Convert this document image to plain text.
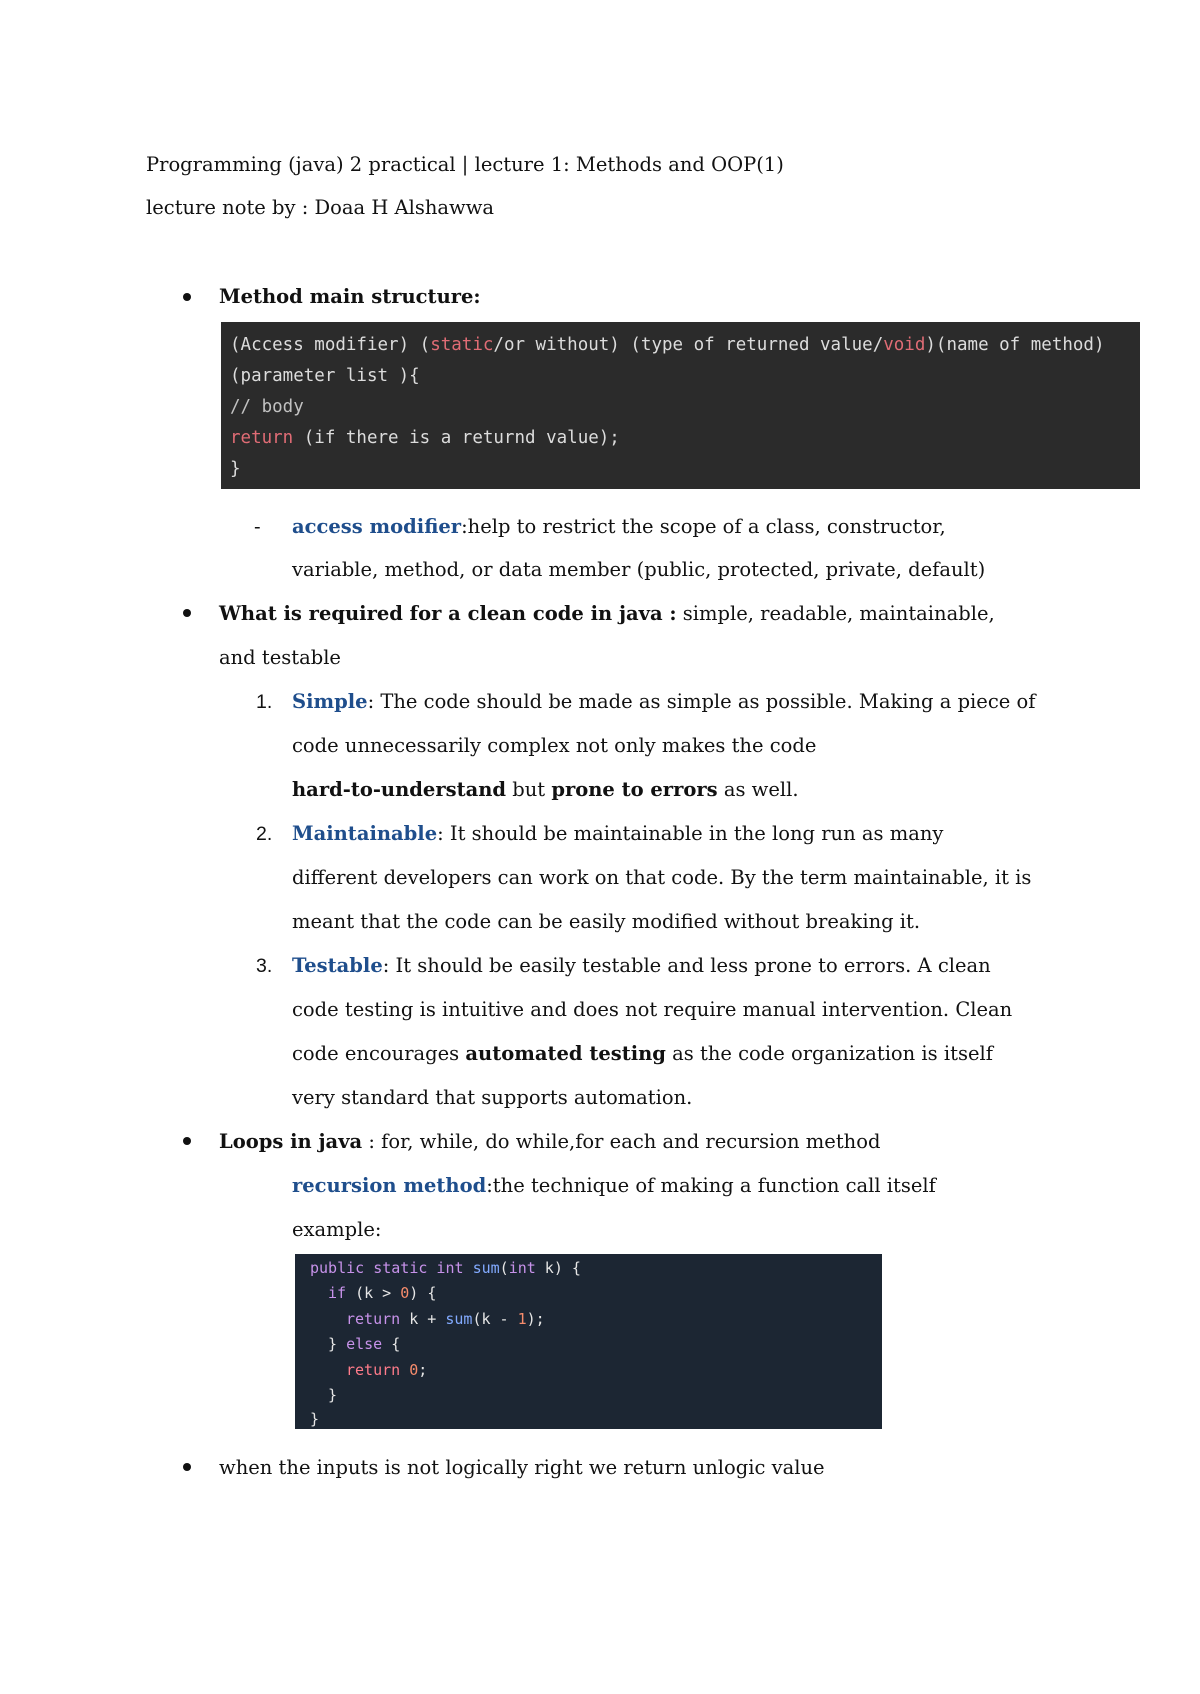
Programming (java) 2 practical | lecture 1: Methods and OOP(1)
lecture note by : Doaa H Alshawwa
Method main structure:
(Access modifier) (static/or without) (type of returned value/void)(name of method)
(parameter list ){
// body
return (if there is a returnd value);
}
- access modifier:help to restrict the scope of a class, constructor,
variable, method, or data member (public, protected, private, default)
What is required for a clean code in java : simple, readable, maintainable,
and testable
1. Simple: The code should be made as simple as possible. Making a piece of
code unnecessarily complex not only makes the code
hard-to-understand but prone to errors as well.
2. Maintainable: It should be maintainable in the long run as many
different developers can work on that code. By the term maintainable, it is
meant that the code can be easily modified without breaking it.
3. Testable: It should be easily testable and less prone to errors. A clean
code testing is intuitive and does not require manual intervention. Clean
code encourages automated testing as the code organization is itself
very standard that supports automation.
Loops in java : for, while, do while,for each and recursion method
recursion method:the technique of making a function call itself
example:
public static int sum(int k) {
if (k > 0) {
return k + sum(k - 1);
} else {
return 0;
}
}
when the inputs is not logically right we return unlogic value
